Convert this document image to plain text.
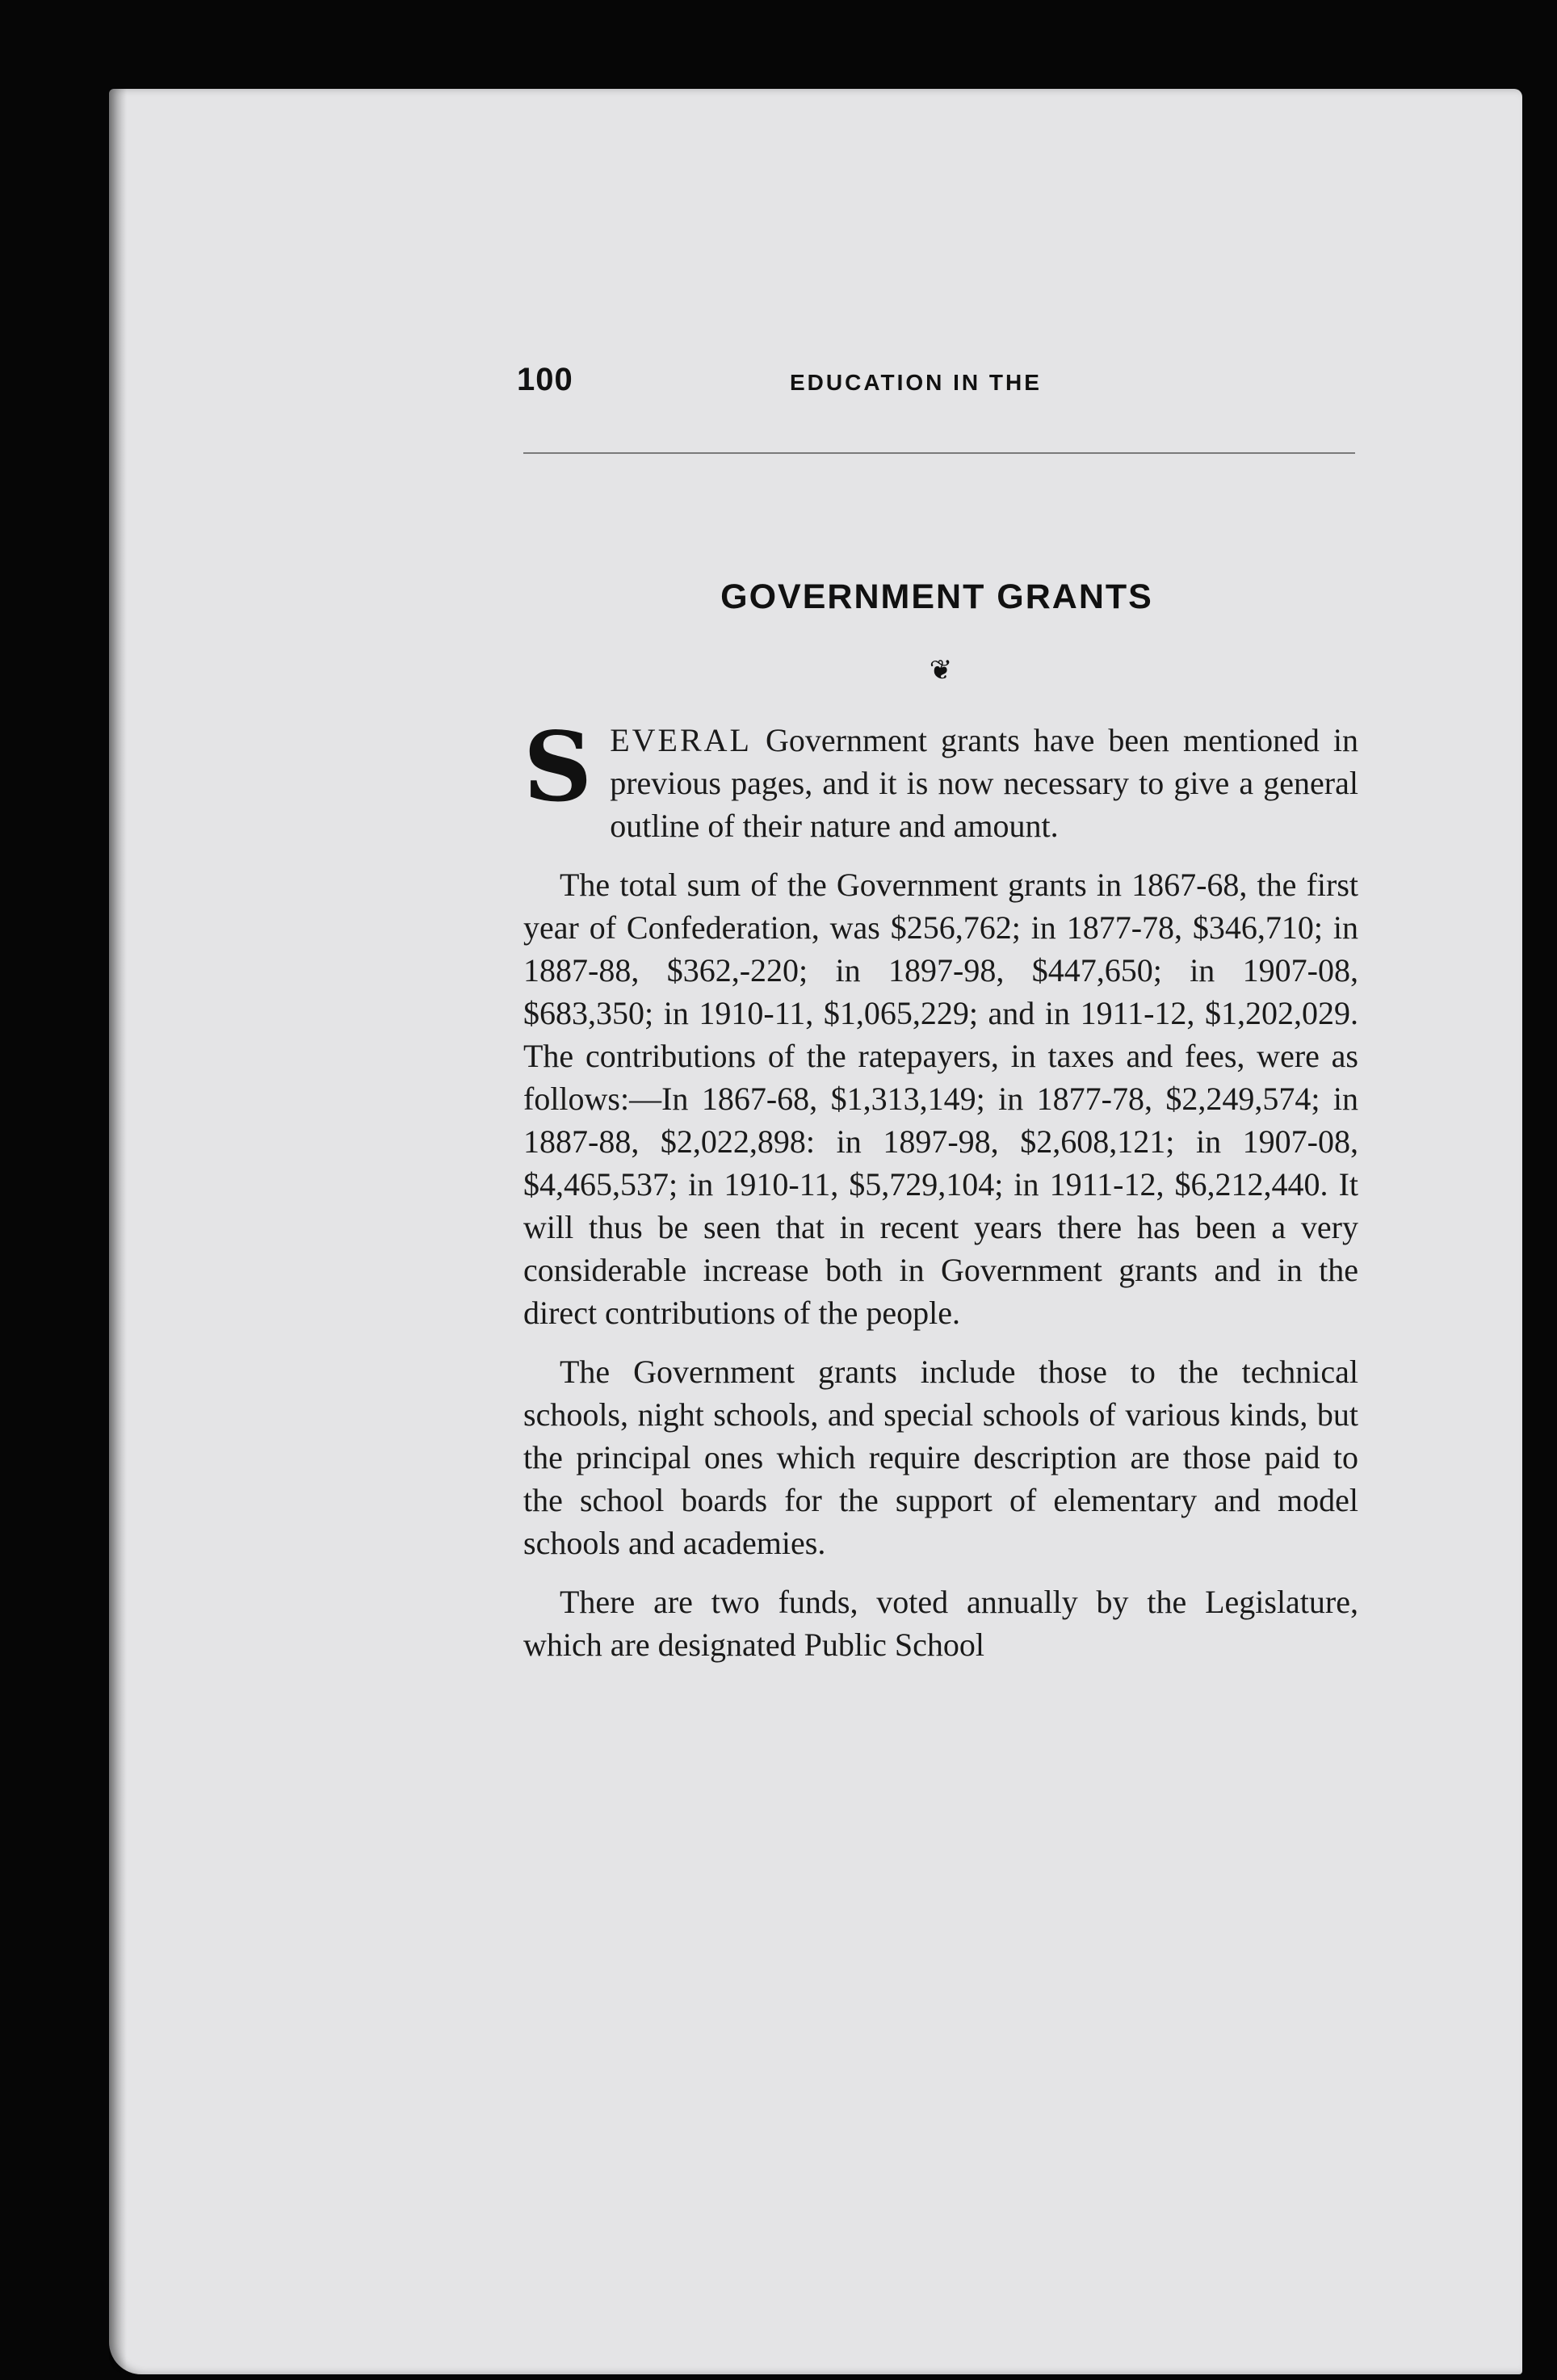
100	EDUCATION IN THE
GOVERNMENT GRANTS
❦

SEVERAL Government grants have been mentioned in previous pages, and it is now necessary to give a general outline of their nature and amount.

The total sum of the Government grants in 1867-68, the first year of Confederation, was $256,762; in 1877-78, $346,710; in 1887-88, $362,-220; in 1897-98, $447,650; in 1907-08, $683,350; in 1910-11, $1,065,229; and in 1911-12, $1,202,029. The contributions of the ratepayers, in taxes and fees, were as follows:—In 1867-68, $1,313,149; in 1877-78, $2,249,574; in 1887-88, $2,022,898: in 1897-98, $2,608,121; in 1907-08, $4,465,537; in 1910-11, $5,729,104; in 1911-12, $6,212,440. It will thus be seen that in recent years there has been a very considerable increase both in Government grants and in the direct contributions of the people.

The Government grants include those to the technical schools, night schools, and special schools of various kinds, but the principal ones which require description are those paid to the school boards for the support of elementary and model schools and academies.

There are two funds, voted annually by the Legislature, which are designated Public School
